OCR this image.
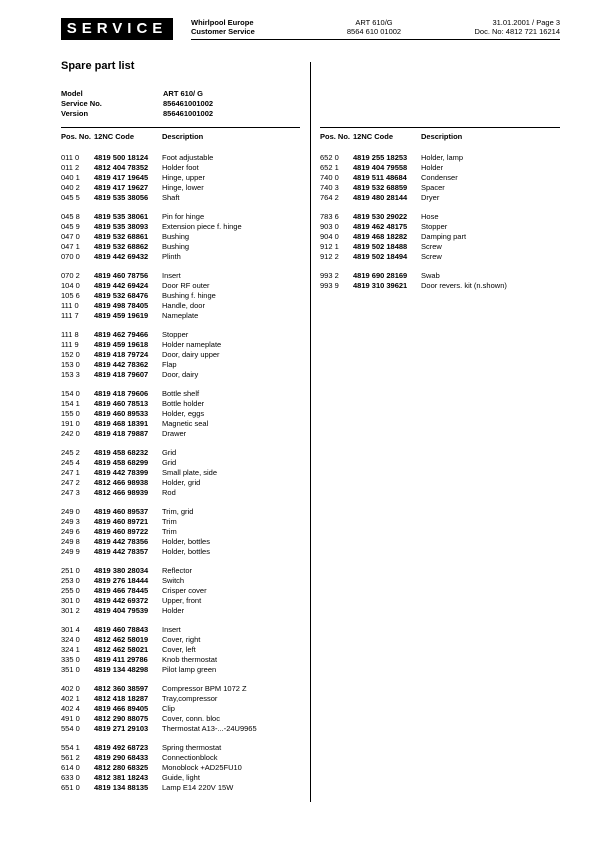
SERVICE	Whirlpool Europe
Customer Service
ART 610/G
8564 610 01002
31.01.2001 / Page 3
Doc. No: 4812 721 16214
Spare part list
Model	ART 610/ G
Service No.	856461001002
Version	856461001002
Pos. No. 12NC Code	Description
011 0 4819 500 18124 Foot adjustable
011 2 4812 404 78352 Holder foot
040 1 4819 417 19645 Hinge, upper
040 2 4819 417 19627 Hinge, lower
045 5 4819 535 38056 Shaft
045 8 4819 535 38061 Pin for hinge
045 9 4819 535 38093 Extension piece f. hinge
047 0 4819 532 68861 Bushing
047 1 4819 532 68862 Bushing
070 0 4819 442 69432 Plinth
070 2 4819 460 78756 Insert
104 0 4819 442 69424 Door RF outer
105 6 4819 532 68476 Bushing f. hinge
111 0 4819 498 78405 Handle, door
111 7 4819 459 19619 Nameplate
111 8 4819 462 79466 Stopper
111 9 4819 459 19618 Holder nameplate
152 0 4819 418 79724 Door, dairy upper
153 0 4819 442 78362 Flap
153 3 4819 418 79607 Door, dairy
154 0 4819 418 79606 Bottle shelf
154 1 4819 460 78513 Bottle holder
155 0 4819 460 89533 Holder, eggs
191 0 4819 468 18391 Magnetic seal
242 0 4819 418 79887 Drawer
245 2 4819 458 68232 Grid
245 4 4819 458 68299 Grid
247 1 4819 442 78399 Small plate, side
247 2 4812 466 98938 Holder, grid
247 3 4812 466 98939 Rod
249 0 4819 460 89537 Trim, grid
249 3 4819 460 89721 Trim
249 6 4819 460 89722 Trim
249 8 4819 442 78356 Holder, bottles
249 9 4819 442 78357 Holder, bottles
251 0 4819 380 28034 Reflector
253 0 4819 276 18444 Switch
255 0 4819 466 78445 Crisper cover
301 0 4819 442 69372 Upper, front
301 2 4819 404 79539 Holder
301 4 4819 460 78843 Insert
324 0 4812 462 58019 Cover, right
324 1 4812 462 58021 Cover, left
335 0 4819 411 29786 Knob thermostat
351 0 4819 134 48298 Pilot lamp green
402 0 4812 360 38597 Compressor BPM 1072 Z
402 1 4812 418 18287 Tray,compressor
402 4 4819 466 89405 Clip
491 0 4812 290 88075 Cover, conn. bloc
554 0 4819 271 29103 Thermostat A13-...-24U9965
554 1 4819 492 68723 Spring thermostat
561 2 4819 290 68433 Connectionblock
614 0 4812 280 68325 Monoblock +AD25FU10
633 0 4812 381 18243 Guide, light
651 0 4819 134 88135 Lamp E14 220V 15W
Pos. No. 12NC Code	Description
652 0 4819 255 18253 Holder, lamp
652 1 4819 404 79558 Holder
740 0 4819 511 48684 Condenser
740 3 4819 532 68859 Spacer
764 2 4819 480 28144 Dryer
783 6 4819 530 29022 Hose
903 0 4819 462 48175 Stopper
904 0 4819 468 18282 Damping part
912 1 4819 502 18488 Screw
912 2 4819 502 18494 Screw
993 2 4819 690 28169 Swab
993 9 4819 310 39621 Door revers. kit (n.shown)
